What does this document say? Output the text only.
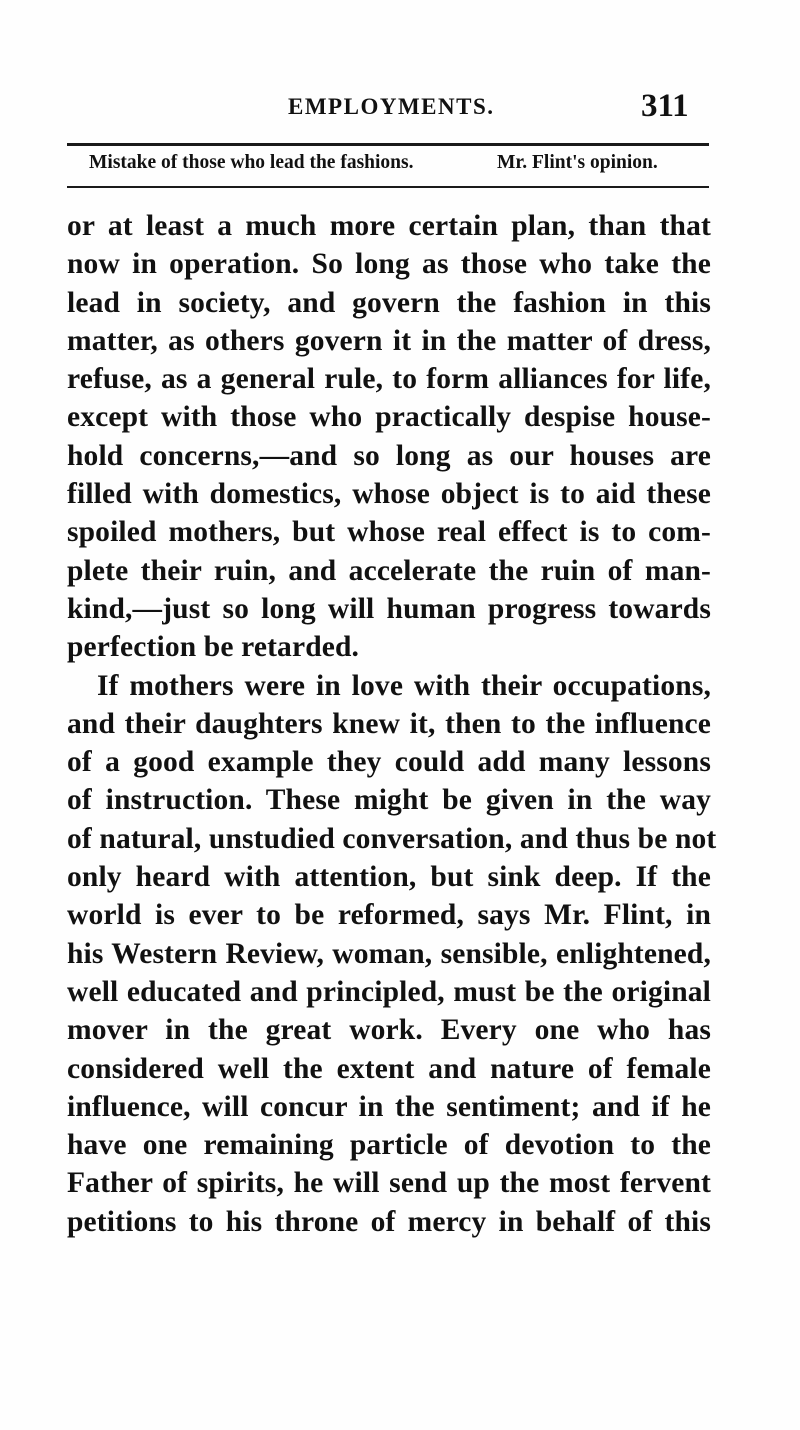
EMPLOYMENTS.	311
Mistake of those who lead the fashions.	Mr. Flint's opinion.
or at least a much more certain plan, than that
now in operation. So long as those who take the
lead in society, and govern the fashion in this
matter, as others govern it in the matter of dress,
refuse, as a general rule, to form alliances for life,
except with those who practically despise house-
hold concerns,—and so long as our houses are
filled with domestics, whose object is to aid these
spoiled mothers, but whose real effect is to com-
plete their ruin, and accelerate the ruin of man-
kind,—just so long will human progress towards
perfection be retarded.
If mothers were in love with their occupations,
and their daughters knew it, then to the influence
of a good example they could add many lessons
of instruction. These might be given in the way
of natural, unstudied conversation, and thus be not
only heard with attention, but sink deep. If the
world is ever to be reformed, says Mr. Flint, in
his Western Review, woman, sensible, enlightened,
well educated and principled, must be the original
mover in the great work. Every one who has
considered well the extent and nature of female
influence, will concur in the sentiment; and if he
have one remaining particle of devotion to the
Father of spirits, he will send up the most fervent
petitions to his throne of mercy in behalf of this
